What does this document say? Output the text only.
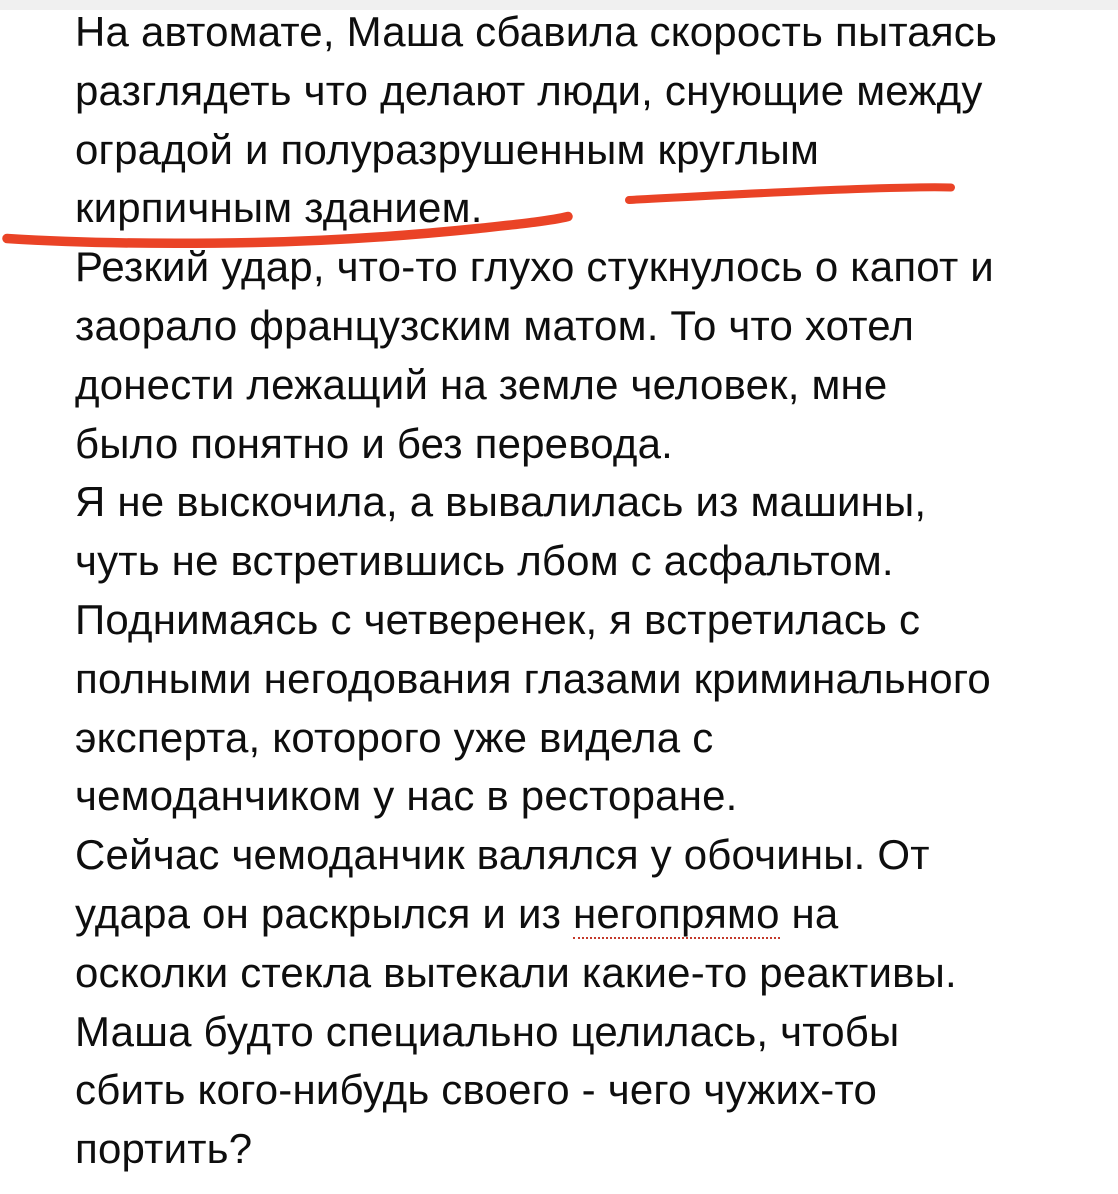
На автомате, Маша сбавила скорость пытаясь
разглядеть что делают люди, снующие между
оградой и полуразрушенным круглым
кирпичным зданием.
Резкий удар, что-то глухо стукнулось о капот и
заорало французским матом. То что хотел
донести лежащий на земле человек, мне
было понятно и без перевода.
Я не выскочила, а вывалилась из машины,
чуть не встретившись лбом с асфальтом.
Поднимаясь с четверенек, я встретилась с
полными негодования глазами криминального
эксперта, которого уже видела с
чемоданчиком у нас в ресторане.
Сейчас чемоданчик валялся у обочины. От
удара он раскрылся и из негопрямо на
осколки стекла вытекали какие-то реактивы.
Маша будто специально целилась, чтобы
сбить кого-нибудь своего - чего чужих-то
портить?
